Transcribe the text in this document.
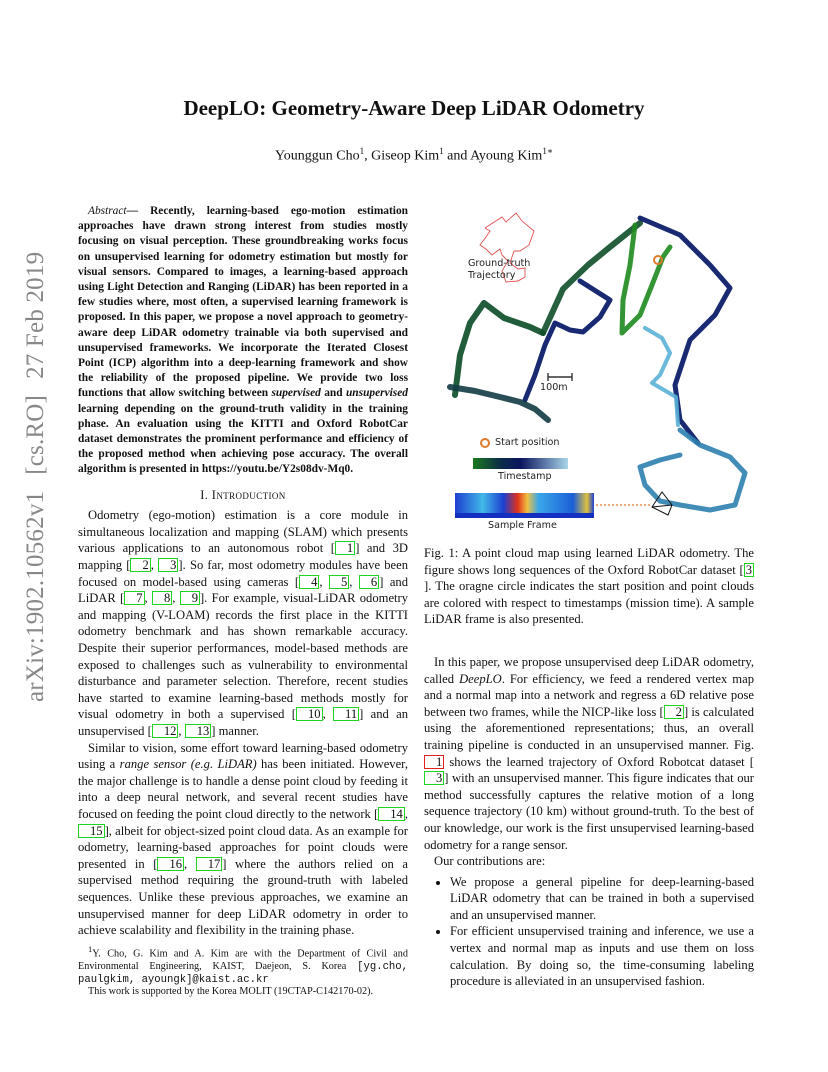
arXiv:1902.10562v1[cs.RO]27 Feb 2019
DeepLO: Geometry-Aware Deep LiDAR Odometry
Younggun Cho$^1$, Giseop Kim$^1$ and Ayoung Kim$^{1∗}$
Abstract— Recently, learning-based ego-motion estimation approaches have drawn strong interest from studies mostly focusing on visual perception. These groundbreaking works focus on unsupervised learning for odometry estimation but mostly for visual sensors. Compared to images, a learning-based approach using Light Detection and Ranging (LiDAR) has been reported in a few studies where, most often, a supervised learning framework is proposed. In this paper, we propose a novel approach to geometry-aware deep LiDAR odometry trainable via both supervised and unsupervised frameworks. We incorporate the Iterated Closest Point (ICP) algorithm into a deep-learning framework and show the reliability of the proposed pipeline. We provide two loss functions that allow switching between supervised and unsupervised learning depending on the ground-truth validity in the training phase. An evaluation using the KITTI and Oxford RobotCar dataset demonstrates the prominent performance and efficiency of the proposed method when achieving pose accuracy. The overall algorithm is presented in https://youtu.be/Y2s08dv-Mq0.
I. Introduction

Odometry (ego-motion) estimation is a core module in simultaneous localization and mapping (SLAM) which presents various applications to an autonomous robot [ 1 ] and 3D mapping [ 2 , 3 ]. So far, most odometry modules have been focused on model-based using cameras [ 4 , 5 , 6 ] and LiDAR [ 7 , 8 , 9 ]. For example, visual-LiDAR odometry and mapping (V-LOAM) records the first place in the KITTI odometry benchmark and has shown remarkable accuracy. Despite their superior performances, model-based methods are exposed to challenges such as vulnerability to environmental disturbance and parameter selection. Therefore, recent studies have started to examine learning-based methods mostly for visual odometry in both a supervised [ 10 , 11 ] and an unsupervised [ 12 , 13 ] manner.

Similar to vision, some effort toward learning-based odometry using a range sensor (e.g. LiDAR) has been initiated. However, the major challenge is to handle a dense point cloud by feeding it into a deep neural network, and several recent studies have focused on feeding the point cloud directly to the network [ 14 , 15 ], albeit for object-sized point cloud data. As an example for odometry, learning-based approaches for point clouds were presented in [ 16 , 17 ] where the authors relied on a supervised method requiring the ground-truth with labeled sequences. Unlike these previous approaches, we examine an unsupervised manner for deep LiDAR odometry in order to achieve scalability and flexibility in the training phase.

$^1$Y. Cho, G. Kim and A. Kim are with the Department of Civil and Environmental Engineering, KAIST, Daejeon, S. Korea [yg.cho, paulgkim, ayoungk]@kaist.ac.kr

This work is supported by the Korea MOLIT (19CTAP-C142170-02).

Ground-truth
Trajectory
100m
Start position
Timestamp
Sample Frame

Fig. 1: A point cloud map using learned LiDAR odometry. The figure shows long sequences of the Oxford RobotCar dataset [ 3]. The oragne circle indicates the start position and point clouds are colored with respect to timestamps (mission time). A sample LiDAR frame is also presented.

In this paper, we propose unsupervised deep LiDAR odometry, called DeepLO. For efficiency, we feed a rendered vertex map and a normal map into a network and regress a 6D relative pose between two frames, while the NICP-like loss [ 2 ] is calculated using the aforementioned representations; thus, an overall training pipeline is conducted in an unsupervised manner. Fig. 1 shows the learned trajectory of Oxford Robotcat dataset [3 ] with an unsupervised manner. This figure indicates that our method successfully captures the relative motion of a long sequence trajectory (10 km) without ground-truth. To the best of our knowledge, our work is the first unsupervised learning-based odometry for a range sensor.

Our contributions are:

• We propose a general pipeline for deep-learning-based LiDAR odometry that can be trained in both a supervised and an unsupervised manner.
• For efficient unsupervised training and inference, we use a vertex and normal map as inputs and use them on loss calculation. By doing so, the time-consuming labeling procedure is alleviated in an unsupervised fashion.
